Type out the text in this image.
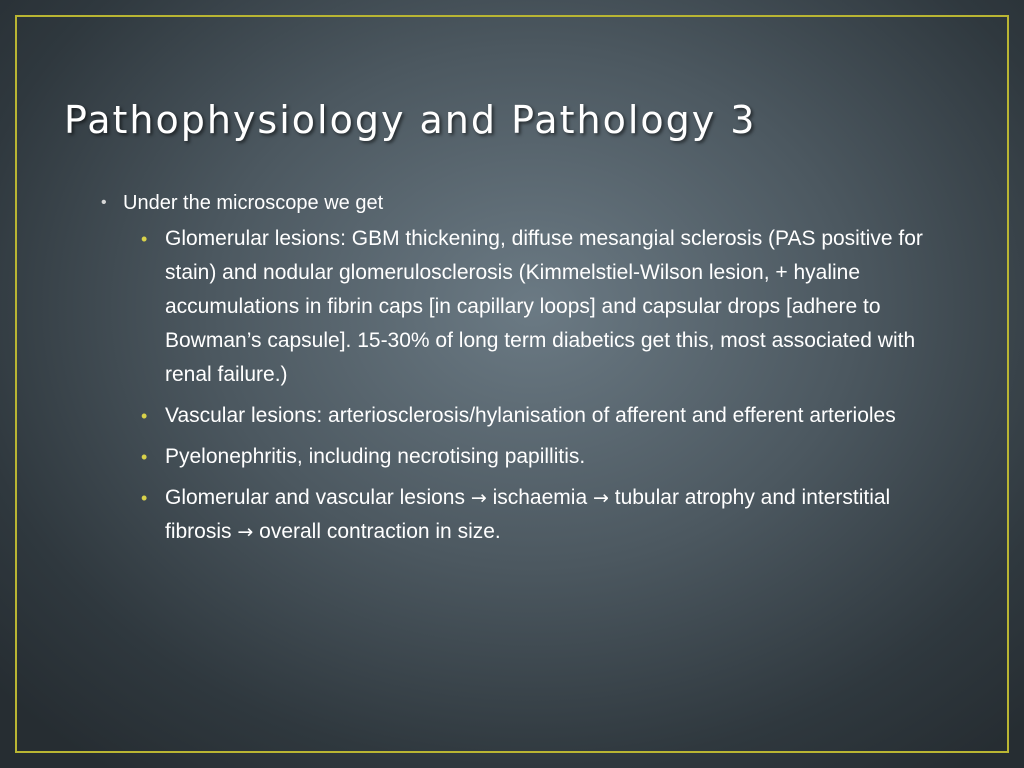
Pathophysiology and Pathology 3
• Under the microscope we get
• Glomerular lesions: GBM thickening, diffuse mesangial sclerosis (PAS positive for stain) and nodular glomerulosclerosis (Kimmelstiel-Wilson lesion, + hyaline accumulations in fibrin caps [in capillary loops] and capsular drops [adhere to Bowman’s capsule]. 15-30% of long term diabetics get this, most associated with renal failure.)
• Vascular lesions: arteriosclerosis/hylanisation of afferent and efferent arterioles
• Pyelonephritis, including necrotising papillitis.
• Glomerular and vascular lesions → ischaemia → tubular atrophy and interstitial fibrosis → overall contraction in size.
